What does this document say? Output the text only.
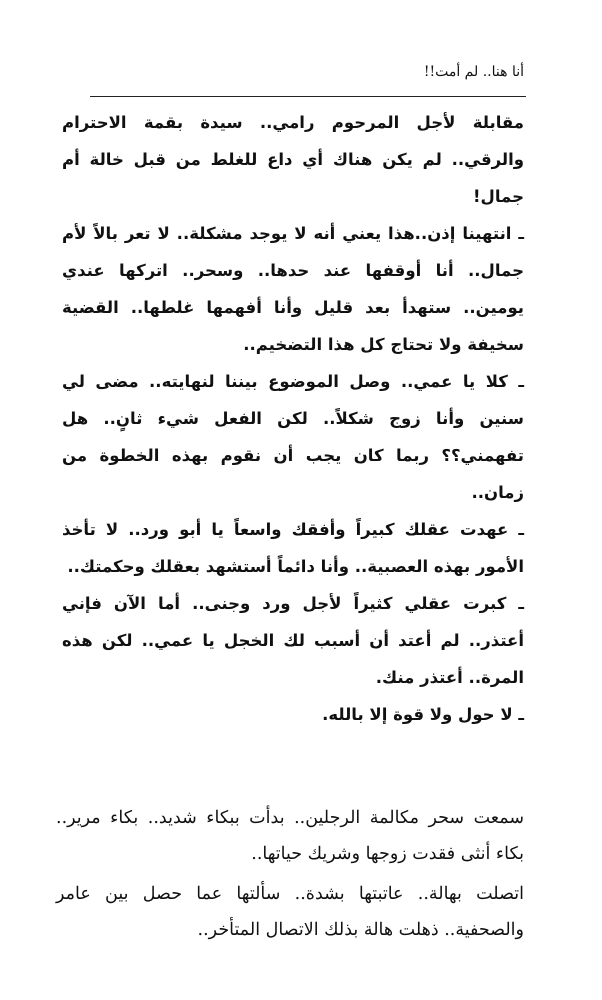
أنا هنا.. لم أمت!!

مقابلة لأجل المرحوم رامي.. سيدة بقمة الاحترام والرقي.. لم يكن هناك أي داع للغلط من قبل خالة أم جمال!

ـ انتهينا إذن..هذا يعني أنه لا يوجد مشكلة.. لا تعر بالاً لأم جمال.. أنا أوقفها عند حدها.. وسحر.. اتركها عندي يومين.. ستهدأ بعد قليل وأنا أفهمها غلطها.. القضية سخيفة ولا تحتاج كل هذا التضخيم..

ـ كلا يا عمي.. وصل الموضوع بيننا لنهايته.. مضى لي سنين وأنا زوج شكلاً.. لكن الفعل شيء ثانٍ.. هل تفهمني؟؟ ربما كان يجب أن نقوم بهذه الخطوة من زمان..

ـ عهدت عقلك كبيراً وأفقك واسعاً يا أبو ورد.. لا تأخذ الأمور بهذه العصبية.. وأنا دائماً أستشهد بعقلك وحكمتك..

ـ كبرت عقلي كثيراً لأجل ورد وجنى.. أما الآن فإني أعتذر.. لم أعتد أن أسبب لك الخجل يا عمي.. لكن هذه المرة.. أعتذر منك.

ـ لا حول ولا قوة إلا بالله.

سمعت سحر مكالمة الرجلين.. بدأت ببكاء شديد.. بكاء مرير.. بكاء أنثى فقدت زوجها وشريك حياتها..

اتصلت بهالة.. عاتبتها بشدة.. سألتها عما حصل بين عامر والصحفية.. ذهلت هالة بذلك الاتصال المتأخر..
